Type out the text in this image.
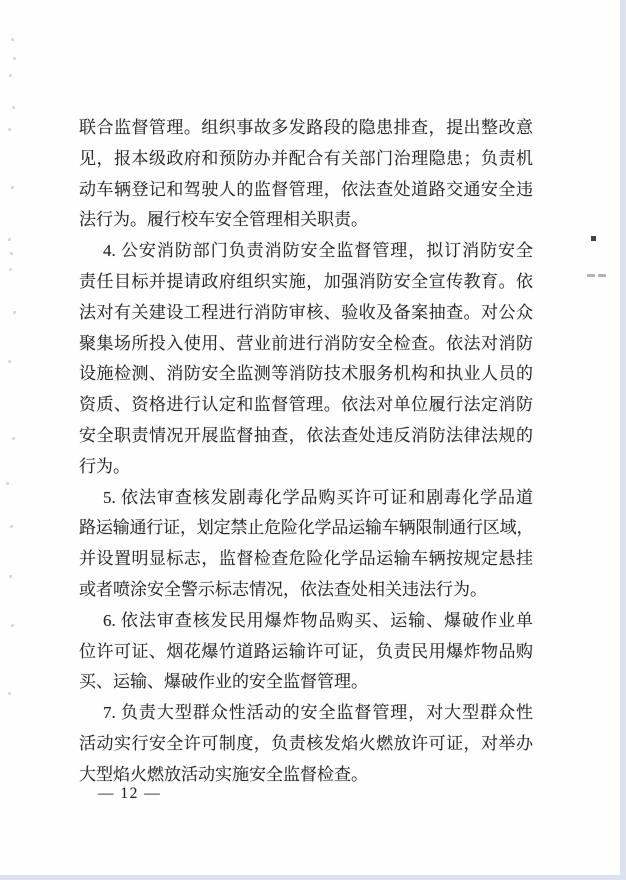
联合监督管理。组织事故多发路段的隐患排查，提出整改意
见，报本级政府和预防办并配合有关部门治理隐患；负责机
动车辆登记和驾驶人的监督管理，依法查处道路交通安全违
法行为。履行校车安全管理相关职责。
4. 公安消防部门负责消防安全监督管理，拟订消防安全
责任目标并提请政府组织实施，加强消防安全宣传教育。依
法对有关建设工程进行消防审核、验收及备案抽查。对公众
聚集场所投入使用、营业前进行消防安全检查。依法对消防
设施检测、消防安全监测等消防技术服务机构和执业人员的
资质、资格进行认定和监督管理。依法对单位履行法定消防
安全职责情况开展监督抽查，依法查处违反消防法律法规的
行为。
5. 依法审查核发剧毒化学品购买许可证和剧毒化学品道
路运输通行证，划定禁止危险化学品运输车辆限制通行区域，
并设置明显标志，监督检查危险化学品运输车辆按规定悬挂
或者喷涂安全警示标志情况，依法查处相关违法行为。
6. 依法审查核发民用爆炸物品购买、运输、爆破作业单
位许可证、烟花爆竹道路运输许可证，负责民用爆炸物品购
买、运输、爆破作业的安全监督管理。
7. 负责大型群众性活动的安全监督管理，对大型群众性
活动实行安全许可制度，负责核发焰火燃放许可证，对举办
大型焰火燃放活动实施安全监督检查。
— 12 —
